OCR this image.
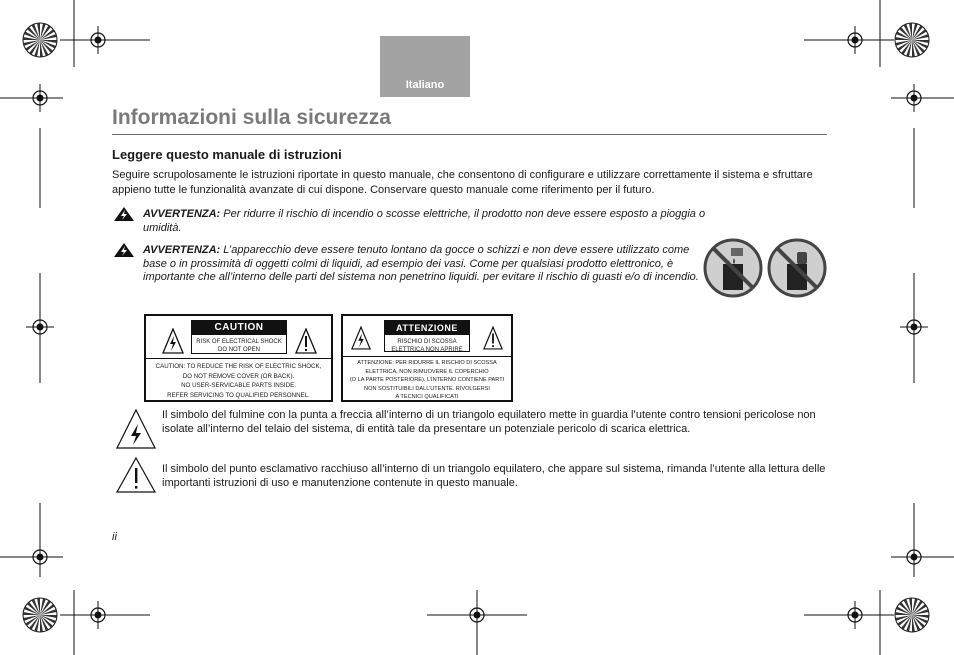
Italiano
Informazioni sulla sicurezza
Leggere questo manuale di istruzioni

Seguire scrupolosamente le istruzioni riportate in questo manuale, che consentono di configurare e utilizzare correttamente il sistema e sfruttare appieno tutte le funzionalità avanzate di cui dispone. Conservare questo manuale come riferimento per il futuro.

AVVERTENZA: Per ridurre il rischio di incendio o scosse elettriche, il prodotto non deve essere esposto a pioggia o umidità.

AVVERTENZA: L’apparecchio deve essere tenuto lontano da gocce o schizzi e non deve essere utilizzato come base o in prossimità di oggetti colmi di liquidi, ad esempio dei vasi. Come per qualsiasi prodotto elettronico, è importante che all’interno delle parti del sistema non penetrino liquidi. per evitare il rischio di guasti e/o di incendio.

CAUTION
RISK OF ELECTRICAL SHOCK
DO NOT OPEN
CAUTION: TO REDUCE THE RISK OF ELECTRIC SHOCK,
DO NOT REMOVE COVER (OR BACK).
NO USER-SERVICABLE PARTS INSIDE.
REFER SERVICING TO QUALIFIED PERSONNEL.
ATTENZIONE
RISCHIO DI SCOSSA
ELETTRICA NON APRIRE
ATTENZIONE: PER RIDURRE IL RISCHIO DI SCOSSA
ELETTRICA, NON RIMUOVERE IL COPERCHIO
(O LA PARTE POSTERIORE). L’INTERNO CONTIENE PARTI
NON SOSTITUIBILI DALL’UTENTE. RIVOLGERSI
A TECNICI QUALIFICATI

Il simbolo del fulmine con la punta a freccia all’interno di un triangolo equilatero mette in guardia l’utente contro tensioni pericolose non isolate all’interno del telaio del sistema, di entità tale da presentare un potenziale pericolo di scarica elettrica.

Il simbolo del punto esclamativo racchiuso all’interno di un triangolo equilatero, che appare sul sistema, rimanda l’utente alla lettura delle importanti istruzioni di uso e manutenzione contenute in questo manuale.

ii
